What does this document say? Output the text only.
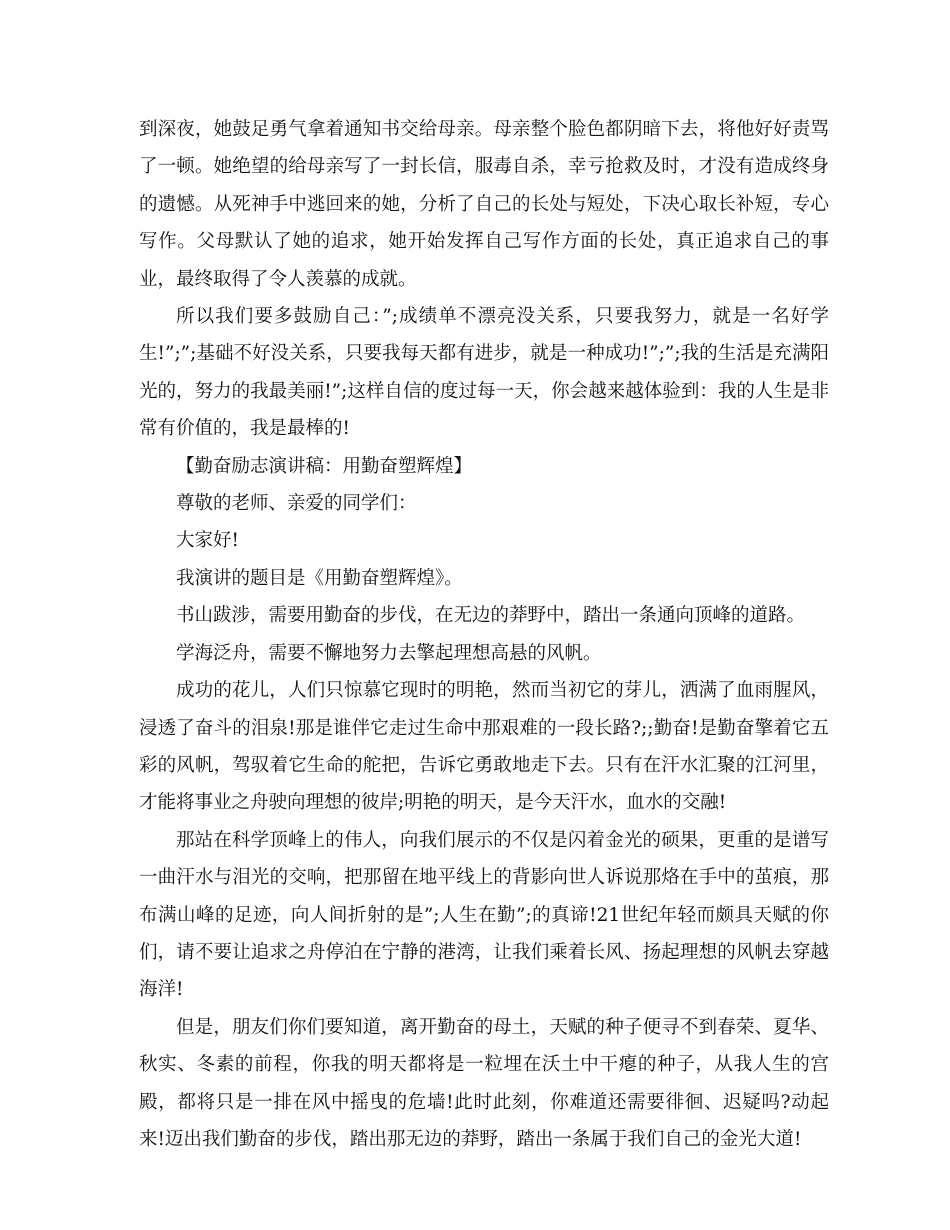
到深夜，她鼓足勇气拿着通知书交给母亲。母亲整个脸色都阴暗下去，将他好好责骂了一顿。她绝望的给母亲写了一封长信，服毒自杀，幸亏抢救及时，才没有造成终身的遗憾。从死神手中逃回来的她，分析了自己的长处与短处，下决心取长补短，专心写作。父母默认了她的追求，她开始发挥自己写作方面的长处，真正追求自己的事业，最终取得了令人羡慕的成就。

所以我们要多鼓励自己：”;成绩单不漂亮没关系，只要我努力，就是一名好学生!”;”;基础不好没关系，只要我每天都有进步，就是一种成功!”;”;我的生活是充满阳光的，努力的我最美丽!”;这样自信的度过每一天，你会越来越体验到：我的人生是非常有价值的，我是最棒的!

【勤奋励志演讲稿：用勤奋塑辉煌】

尊敬的老师、亲爱的同学们：

大家好!

我演讲的题目是《用勤奋塑辉煌》。

书山跋涉，需要用勤奋的步伐，在无边的莽野中，踏出一条通向顶峰的道路。

学海泛舟，需要不懈地努力去擎起理想高悬的风帆。

成功的花儿，人们只惊慕它现时的明艳，然而当初它的芽儿，洒满了血雨腥风，浸透了奋斗的泪泉!那是谁伴它走过生命中那艰难的一段长路?;;勤奋!是勤奋擎着它五彩的风帆，驾驭着它生命的舵把，告诉它勇敢地走下去。只有在汗水汇聚的江河里，才能将事业之舟驶向理想的彼岸;明艳的明天，是今天汗水，血水的交融!

那站在科学顶峰上的伟人，向我们展示的不仅是闪着金光的硕果，更重的是谱写一曲汗水与泪光的交响，把那留在地平线上的背影向世人诉说那烙在手中的茧痕，那布满山峰的足迹，向人间折射的是”;人生在勤”;的真谛!21世纪年轻而颇具天赋的你们，请不要让追求之舟停泊在宁静的港湾，让我们乘着长风、扬起理想的风帆去穿越海洋!

但是，朋友们你们要知道，离开勤奋的母土，天赋的种子便寻不到春荣、夏华、秋实、冬素的前程，你我的明天都将是一粒埋在沃土中干瘪的种子，从我人生的宫殿，都将只是一排在风中摇曳的危墙!此时此刻，你难道还需要徘徊、迟疑吗?动起来!迈出我们勤奋的步伐，踏出那无边的莽野，踏出一条属于我们自己的金光大道!
